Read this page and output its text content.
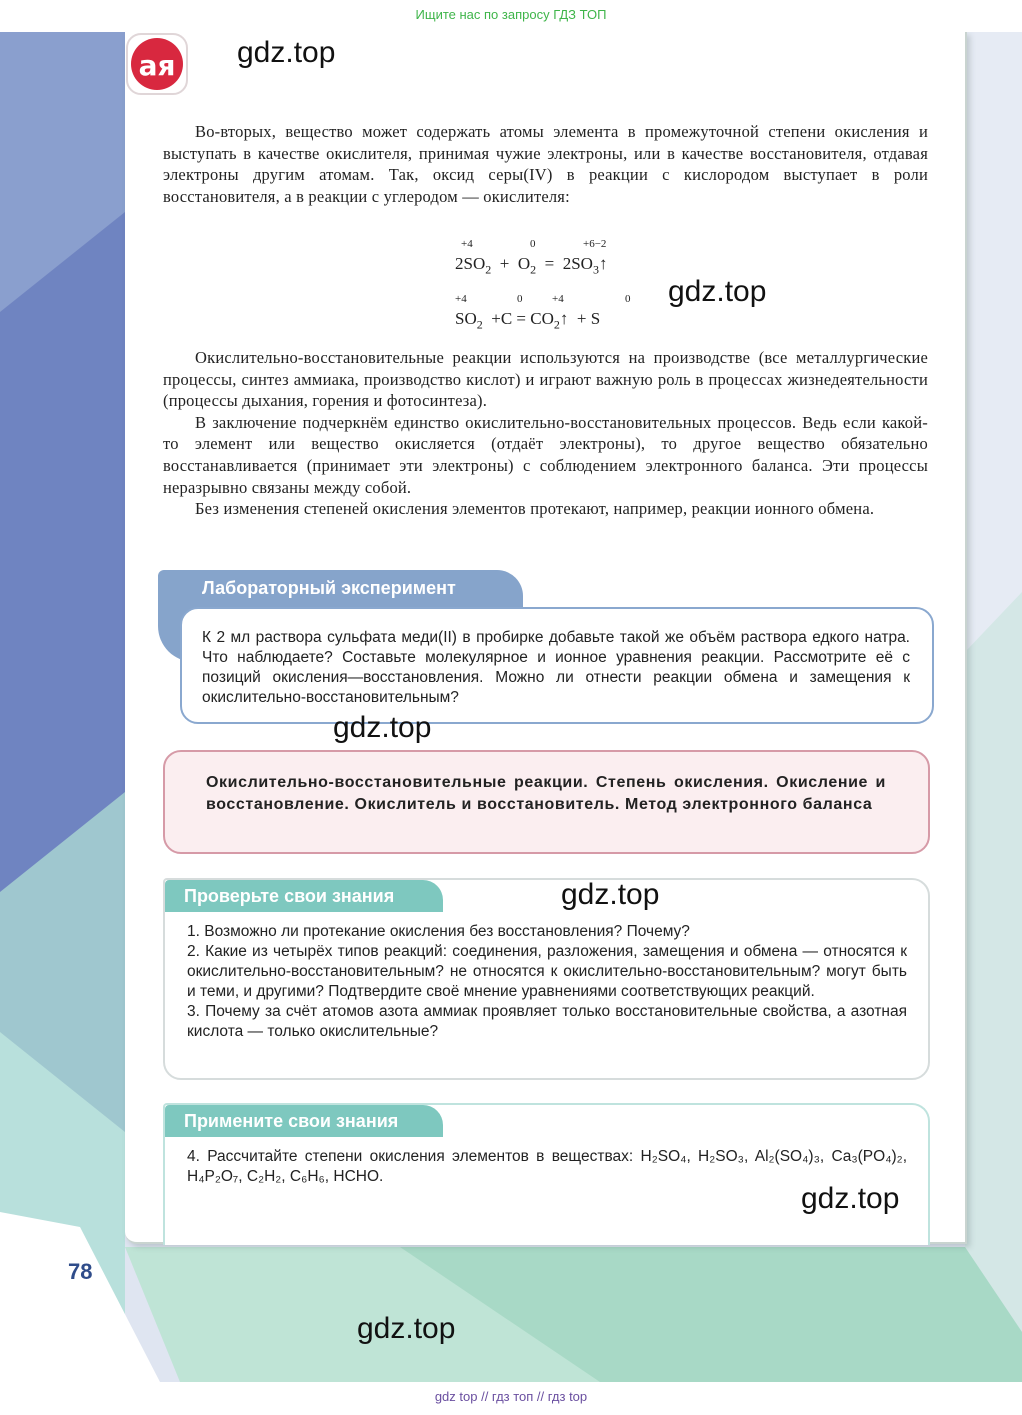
Ищите нас по запросу ГДЗ ТОП
gdz.top

Во-вторых, вещество может содержать атомы элемента в промежуточной степени окисления и выступать в качестве окислителя, принимая чужие электроны, или в качестве восстановителя, отдавая электроны другим атомам. Так, оксид серы(IV) в реакции с кислородом выступает в роли восстановителя, а в реакции с углеродом — окислителя:

+4	0	+6−2
$2SO_2 + O_2$ = $2SO_3↑$
gdz.top
+4	0	+4	0
$SO_2 +C$ = $CO_2↑ + S$

Окислительно-восстановительные реакции используются на производстве (все металлургические процессы, синтез аммиака, производство кислот) и играют важную роль в процессах жизнедеятельности (процессы дыхания, горения и фотосинтеза).

В заключение подчеркнём единство окислительно-восстановительных процессов. Ведь если какой-то элемент или вещество окисляется (отдаёт электроны), то другое вещество обязательно восстанавливается (принимает эти электроны) с соблюдением электронного баланса. Эти процессы неразрывно связаны между собой.

Без изменения степеней окисления элементов протекают, например, реакции ионного обмена.

Лабораторный эксперимент
К 2 мл раствора сульфата меди(II) в пробирке добавьте такой же объём раствора едкого натра. Что наблюдаете? Составьте молекулярное и ионное уравнения реакции. Рассмотрите её с позиций окисления—восстановления. Можно ли отнести реакции обмена и замещения к окислительно-восстановительным?
gdz.top
Окислительно-восстановительные реакции. Степень окисления. Окисление и восстановление. Окислитель и восстановитель. Метод электронного баланса
ая
Проверьте свои знания
1. Возможно ли протекание окисления без восстановления? Почему?
2. Какие из четырёх типов реакций: соединения, разложения, замещения и обмена — относятся к окислительно-восстановительным? не относятся к окислительно-восстановительным? могут быть и теми, и другими? Подтвердите своё мнение уравнениями соответствующих реакций.
3. Почему за счёт атомов азота аммиак проявляет только восстановительные свойства, а азотная кислота — только окислительные?
gdz.top
Примените свои знания
4. Рассчитайте степени окисления элементов в веществах: H₂SO₄, H₂SO₃, Al₂(SO₄)₃, Ca₃(PO₄)₂, H₄P₂O₇, C₂H₂, C₆H₆, HCHO.
gdz.top
78
gdz.top
gdz top // гдз топ // гдз top
